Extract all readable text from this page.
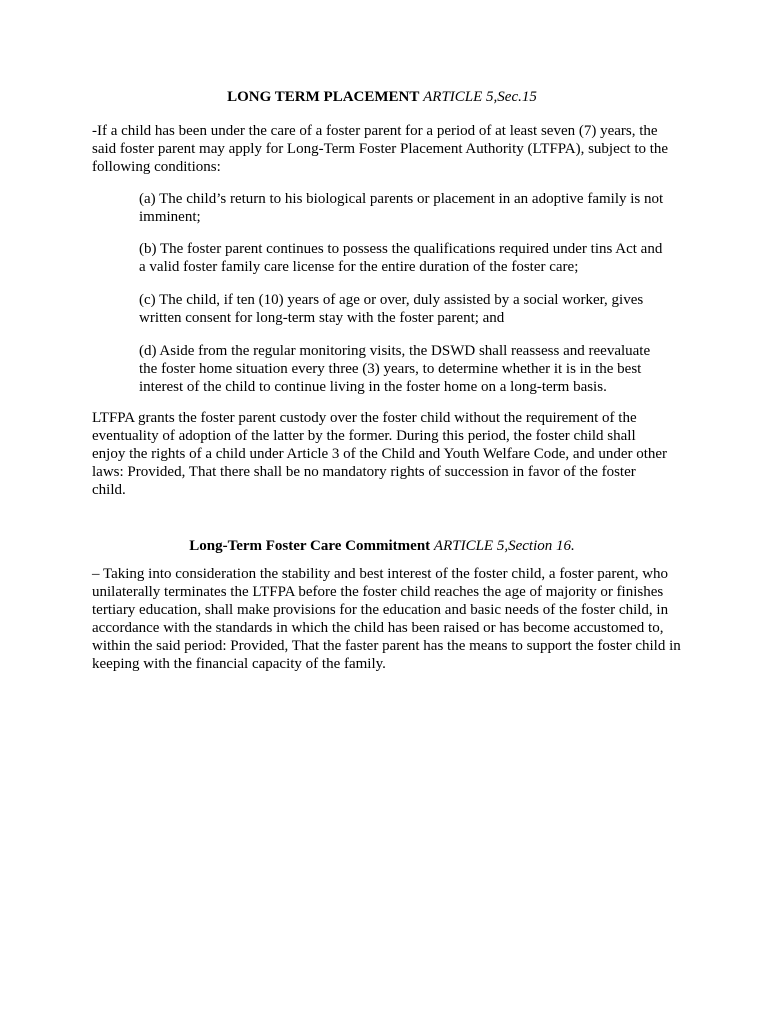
LONG TERM PLACEMENT ARTICLE 5,Sec.15

-If a child has been under the care of a foster parent for a period of at least seven (7) years, the said foster parent may apply for Long-Term Foster Placement Authority (LTFPA), subject to the following conditions:

(a) The child’s return to his biological parents or placement in an adoptive family is not imminent;

(b) The foster parent continues to possess the qualifications required under tins Act and a valid foster family care license for the entire duration of the foster care;

(c) The child, if ten (10) years of age or over, duly assisted by a social worker, gives written consent for long-term stay with the foster parent; and

(d) Aside from the regular monitoring visits, the DSWD shall reassess and reevaluate the foster home situation every three (3) years, to determine whether it is in the best interest of the child to continue living in the foster home on a long-term basis.

LTFPA grants the foster parent custody over the foster child without the requirement of the eventuality of adoption of the latter by the former. During this period, the foster child shall enjoy the rights of a child under Article 3 of the Child and Youth Welfare Code, and under other laws: Provided, That there shall be no mandatory rights of succession in favor of the foster child.

Long-Term Foster Care Commitment ARTICLE 5,Section 16.

– Taking into consideration the stability and best interest of the foster child, a foster parent, who unilaterally terminates the LTFPA before the foster child reaches the age of majority or finishes tertiary education, shall make provisions for the education and basic needs of the foster child, in accordance with the standards in which the child has been raised or has become accustomed to, within the said period: Provided, That the faster parent has the means to support the foster child in keeping with the financial capacity of the family.
